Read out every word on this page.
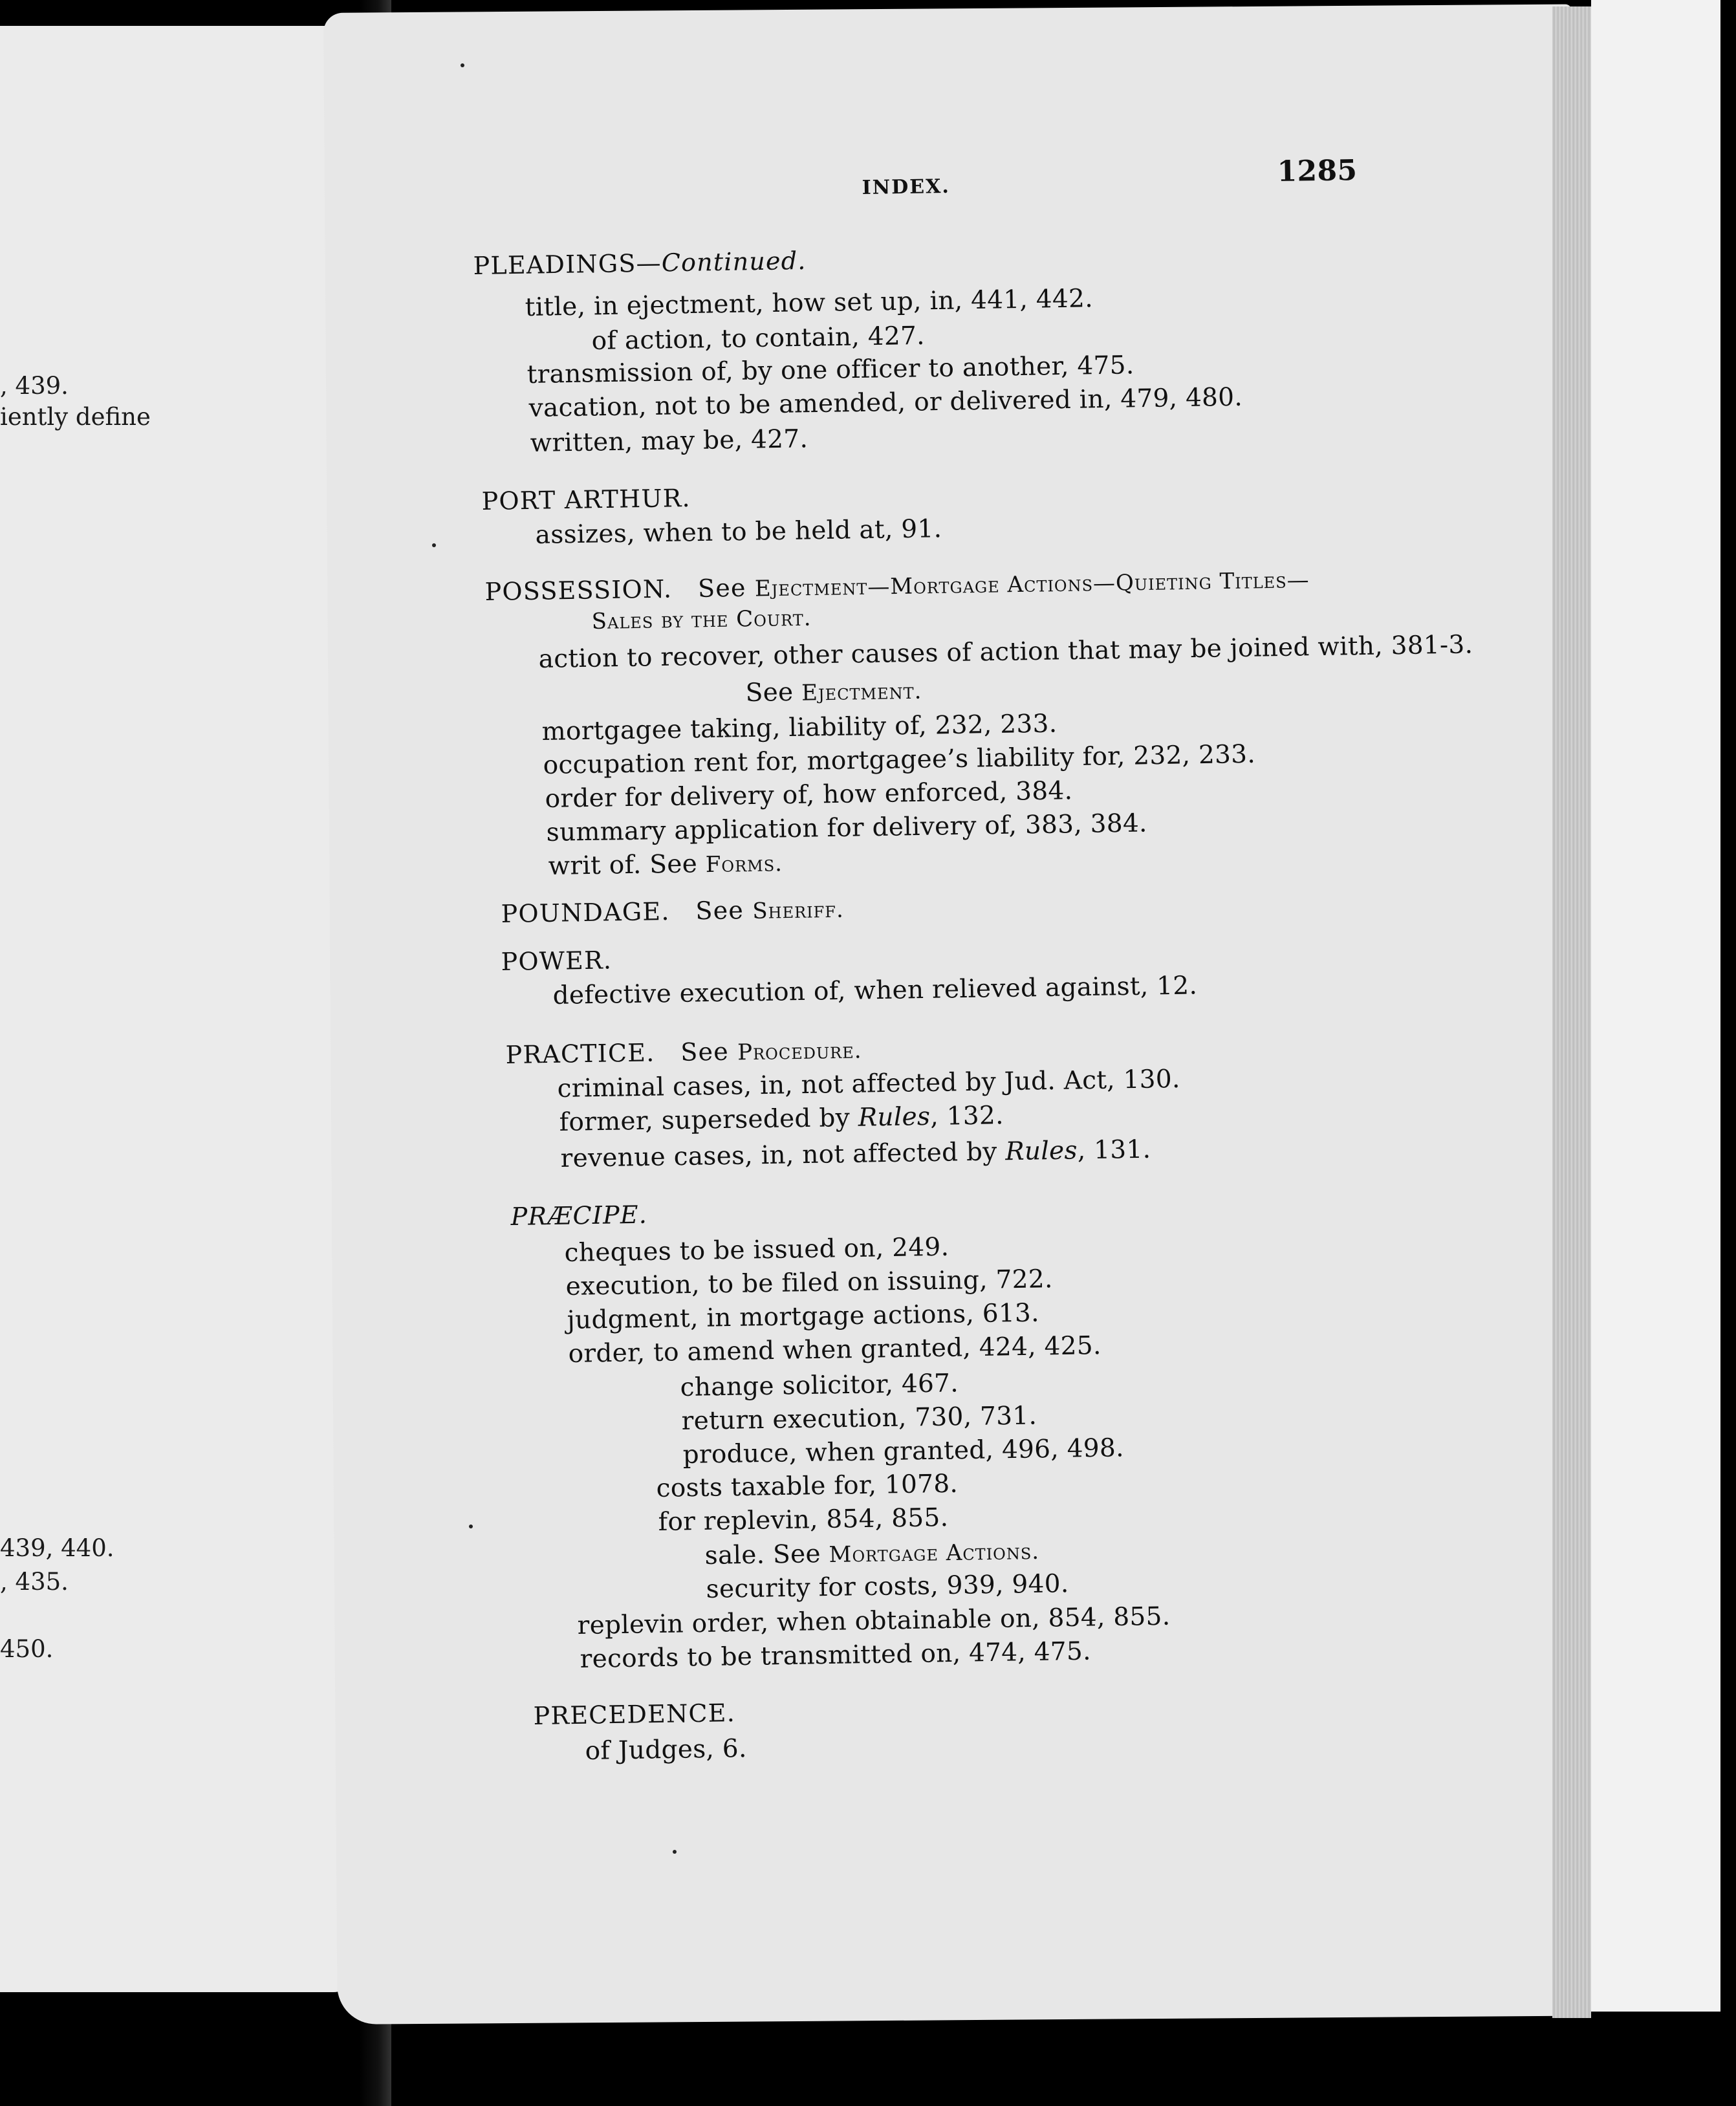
, 439.
iently define
439, 440.
, 435.
450.
INDEX.	1285
PLEADINGS—Continued.
title, in ejectment, how set up, in, 441, 442.
of action, to contain, 427.
transmission of, by one officer to another, 475.
vacation, not to be amended, or delivered in, 479, 480.
written, may be, 427.
PORT ARTHUR.
assizes, when to be held at, 91.
POSSESSION. See Ejectment—Mortgage Actions—Quieting Titles—
Sales by the Court.
action to recover, other causes of action that may be joined with, 381-3.
See Ejectment.
mortgagee taking, liability of, 232, 233.
occupation rent for, mortgagee’s liability for, 232, 233.
order for delivery of, how enforced, 384.
summary application for delivery of, 383, 384.
writ of. See Forms.
POUNDAGE. See Sheriff.
POWER.
defective execution of, when relieved against, 12.
PRACTICE. See Procedure.
criminal cases, in, not affected by Jud. Act, 130.
former, superseded by Rules, 132.
revenue cases, in, not affected by Rules, 131.
PRÆCIPE.
cheques to be issued on, 249.
execution, to be filed on issuing, 722.
judgment, in mortgage actions, 613.
order, to amend when granted, 424, 425.
change solicitor, 467.
return execution, 730, 731.
produce, when granted, 496, 498.
costs taxable for, 1078.
for replevin, 854, 855.
sale. See Mortgage Actions.
security for costs, 939, 940.
replevin order, when obtainable on, 854, 855.
records to be transmitted on, 474, 475.
PRECEDENCE.
of Judges, 6.
